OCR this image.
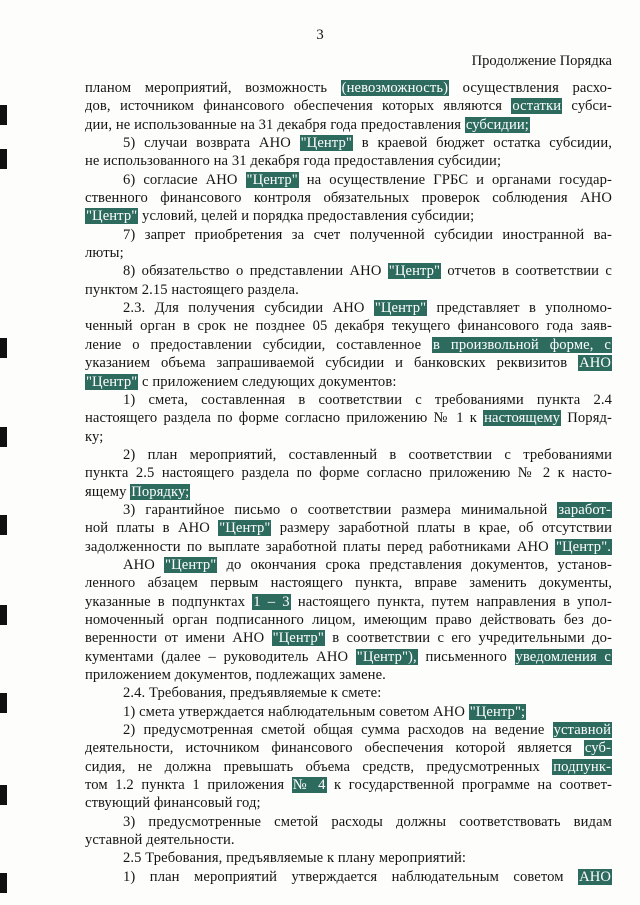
3
Продолжение Порядка
планом мероприятий, возможность (невозможность) осуществления расхо-
дов, источником финансового обеспечения которых являются остатки субси-
дии, не использованные на 31 декабря года предоставления субсидии;
5) случаи возврата АНО "Центр" в краевой бюджет остатка субсидии,
не использованного на 31 декабря года предоставления субсидии;
6) согласие АНО "Центр" на осуществление ГРБС и органами государ-
ственного финансового контроля обязательных проверок соблюдения АНО
"Центр" условий, целей и порядка предоставления субсидии;
7) запрет приобретения за счет полученной субсидии иностранной ва-
люты;
8) обязательство о представлении АНО "Центр" отчетов в соответствии с
пунктом 2.15 настоящего раздела.
2.3. Для получения субсидии АНО "Центр" представляет в уполномо-
ченный орган в срок не позднее 05 декабря текущего финансового года заяв-
ление о предоставлении субсидии, составленное в произвольной форме, с
указанием объема запрашиваемой субсидии и банковских реквизитов АНО
"Центр" с приложением следующих документов:
1) смета, составленная в соответствии с требованиями пункта 2.4
настоящего раздела по форме согласно приложению № 1 к настоящему Поряд-
ку;
2) план мероприятий, составленный в соответствии с требованиями
пункта 2.5 настоящего раздела по форме согласно приложению № 2 к насто-
ящему Порядку;
3) гарантийное письмо о соответствии размера минимальной заработ-
ной платы в АНО "Центр" размеру заработной платы в крае, об отсутствии
задолженности по выплате заработной платы перед работниками АНО "Центр".
АНО "Центр" до окончания срока представления документов, установ-
ленного абзацем первым настоящего пункта, вправе заменить документы,
указанные в подпунктах 1 – 3 настоящего пункта, путем направления в упол-
номоченный орган подписанного лицом, имеющим право действовать без до-
веренности от имени АНО "Центр" в соответствии с его учредительными до-
кументами (далее – руководитель АНО "Центр"), письменного уведомления с
приложением документов, подлежащих замене.
2.4. Требования, предъявляемые к смете:
1) смета утверждается наблюдательным советом АНО "Центр";
2) предусмотренная сметой общая сумма расходов на ведение уставной
деятельности, источником финансового обеспечения которой является суб-
сидия, не должна превышать объема средств, предусмотренных подпунк-
том 1.2 пункта 1 приложения № 4 к государственной программе на соответ-
ствующий финансовый год;
3) предусмотренные сметой расходы должны соответствовать видам
уставной деятельности.
2.5 Требования, предъявляемые к плану мероприятий:
1) план мероприятий утверждается наблюдательным советом АНО
